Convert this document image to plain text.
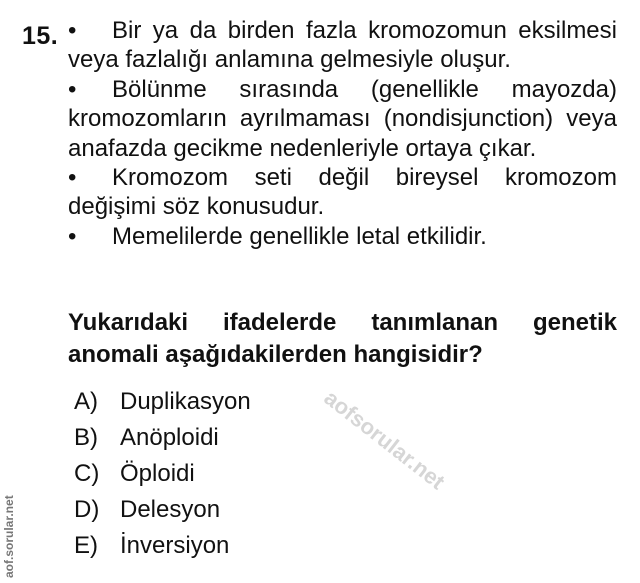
15. • Bir ya da birden fazla kromozomun eksilmesi veya fazlalığı anlamına gelmesiyle oluşur.

• Bölünme sırasında (genellikle mayozda) kromozomların ayrılmaması (nondisjunction) veya anafazda gecikme nedenleriyle ortaya çıkar.

• Kromozom seti değil bireysel kromozom değişimi söz konusudur.

• Memelilerde genellikle letal etkilidir.

Yukarıdaki ifadelerde tanımlanan genetik anomali aşağıdakilerden hangisidir?
aofsorular.net
A) Duplikasyon
B) Anöploidi
C) Öploidi
D) Delesyon
E) İnversiyon
aof.sorular.net
